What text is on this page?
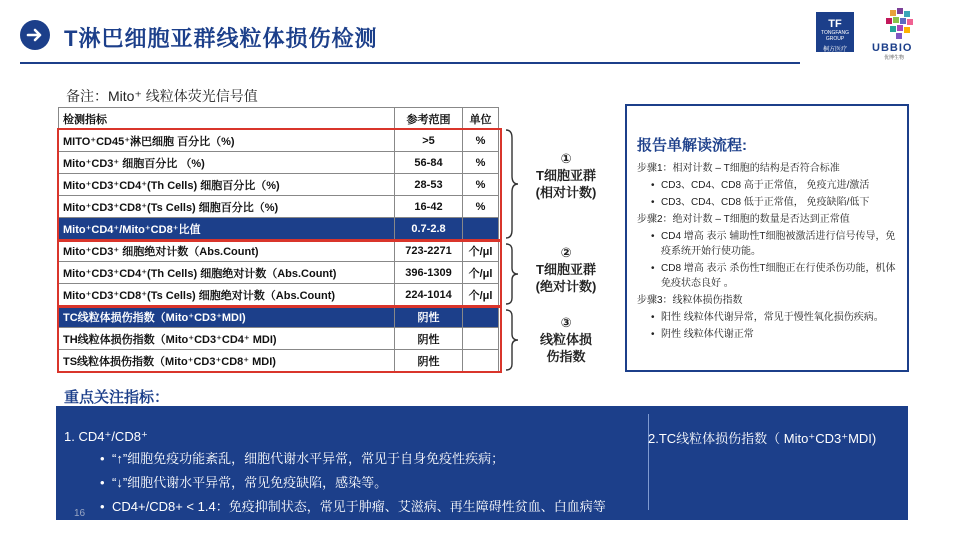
T淋巴细胞亚群线粒体损伤检测
TF
TONGFANG GROUP
桐方医疗	UBBIO
优博生物
备注：Mito⁺ 线粒体荧光信号值
检测指标	参考范围	单位
MITO⁺CD45⁺淋巴细胞 百分比（%)	>5	%
Mito⁺CD3⁺ 细胞百分比 （%)	56-84	%
Mito⁺CD3⁺CD4⁺(Th Cells) 细胞百分比（%)	28-53	%
Mito⁺CD3⁺CD8⁺(Ts Cells) 细胞百分比（%)	16-42	%
Mito⁺CD4⁺/Mito⁺CD8⁺比值	0.7-2.8	
Mito⁺CD3⁺ 细胞绝对计数（Abs.Count)	723-2271	个/μl
Mito⁺CD3⁺CD4⁺(Th Cells) 细胞绝对计数（Abs.Count)	396-1309	个/μl
Mito⁺CD3⁺CD8⁺(Ts Cells) 细胞绝对计数（Abs.Count)	224-1014	个/μl
TC线粒体损伤指数（Mito⁺CD3⁺MDI)	阴性	
TH线粒体损伤指数（Mito⁺CD3⁺CD4⁺ MDI)	阴性	
TS线粒体损伤指数（Mito⁺CD3⁺CD8⁺ MDI)	阴性	
①
T细胞亚群
(相对计数)
②
T细胞亚群
(绝对计数)
③
线粒体损
伤指数
报告单解读流程:
步骤1：相对计数 – T细胞的结构是否符合标准
• CD3、CD4、CD8 高于正常值， 免疫亢进/激活
• CD3、CD4、CD8 低于正常值， 免疫缺陷/低下
步骤2：绝对计数 – T细胞的数量是否达到正常值
• CD4 增高 表示 辅助性T细胞被激活进行信号传导，免疫系统开始行使功能。
• CD8 增高 表示 杀伤性T细胞正在行使杀伤功能，机体免疫状态良好 。
步骤3：线粒体损伤指数
• 阳性 线粒体代谢异常，常见于慢性氧化损伤疾病。
• 阴性 线粒体代谢正常
重点关注指标：
1. CD4⁺/CD8⁺
• “↑”细胞免疫功能紊乱，细胞代谢水平异常，常见于自身免疫性疾病；
• “↓”细胞代谢水平异常，常见免疫缺陷，感染等。
• CD4+/CD8+ < 1.4：免疫抑制状态，常见于肿瘤、艾滋病、再生障碍性贫血、白血病等
2.TC线粒体损伤指数（ Mito⁺CD3⁺MDI)
16
